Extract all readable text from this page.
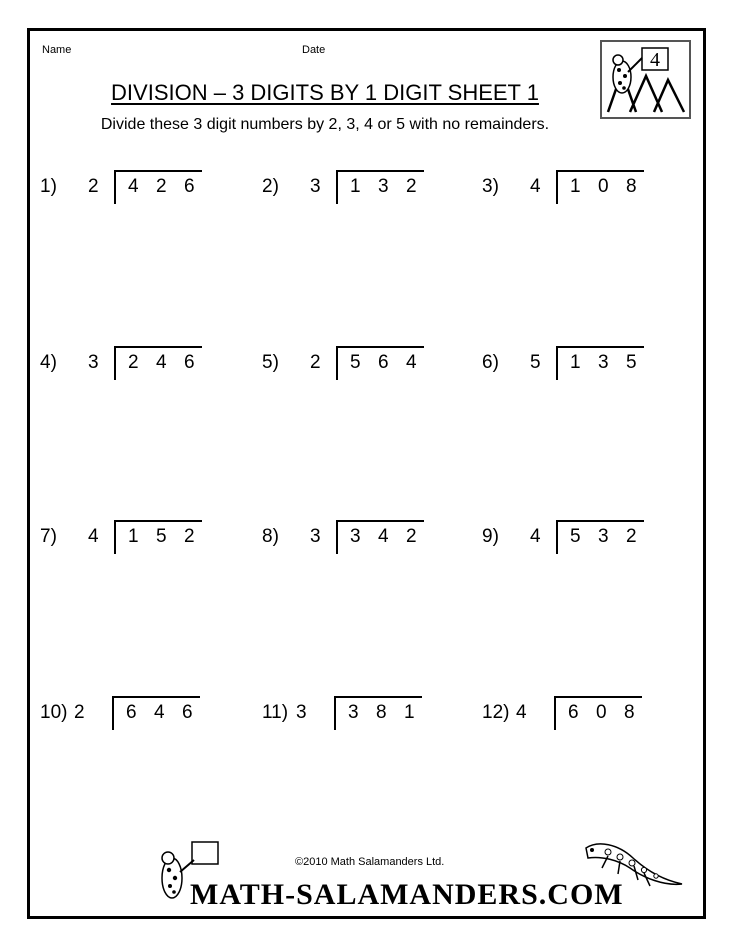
Name	Date
DIVISION – 3 DIGITS BY 1 DIGIT SHEET 1
Divide these 3 digit numbers by 2, 3, 4 or 5 with no remainders.
4
1) 2 4 2 6	2) 3 1 3 2	3) 4 1 0 8
4) 3 2 4 6	5) 2 5 6 4	6) 5 1 3 5
7) 4 1 5 2	8) 3 3 4 2	9) 4 5 3 2
10) 2 6 4 6	11) 3 3 8 1	12) 4 6 0 8
MATH-SALAMANDERS.COM
©2010 Math Salamanders Ltd.
